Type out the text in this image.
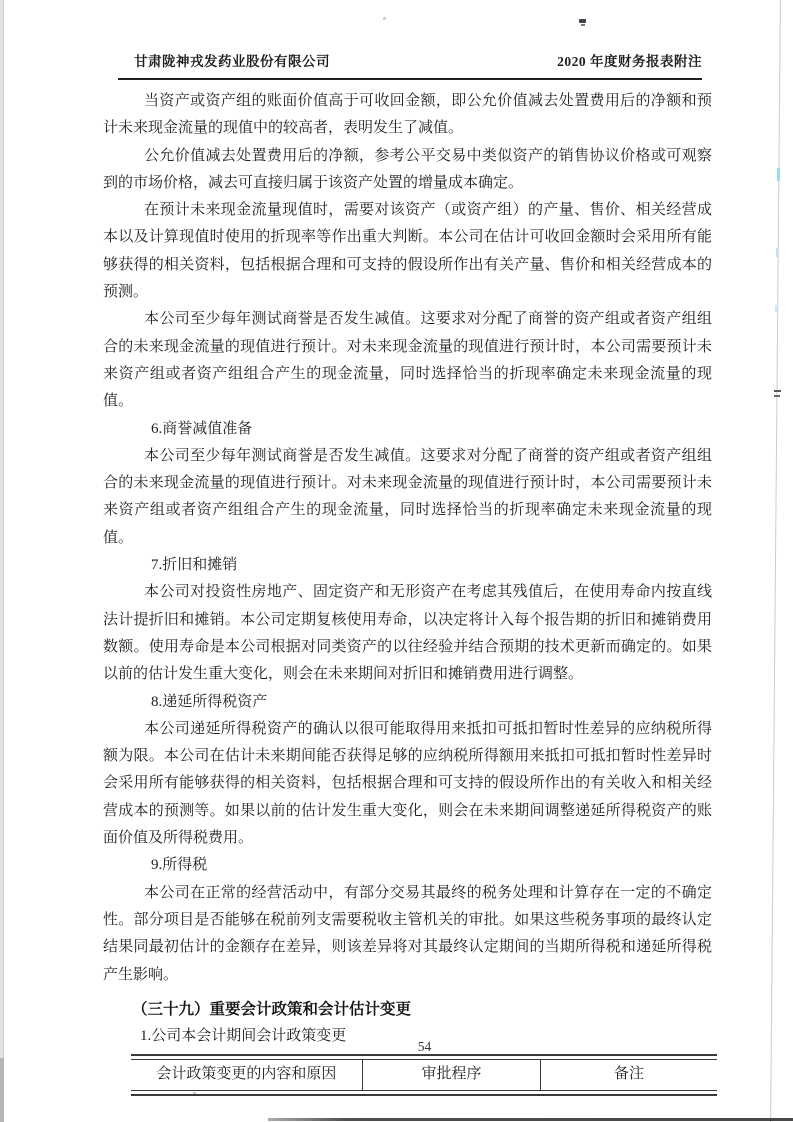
甘肃陇神戎发药业股份有限公司	2020 年度财务报表附注

当资产或资产组的账面价值高于可收回金额，即公允价值减去处置费用后的净额和预计未来现金流量的现值中的较高者，表明发生了减值。

公允价值减去处置费用后的净额，参考公平交易中类似资产的销售协议价格或可观察到的市场价格，减去可直接归属于该资产处置的增量成本确定。

在预计未来现金流量现值时，需要对该资产（或资产组）的产量、售价、相关经营成本以及计算现值时使用的折现率等作出重大判断。本公司在估计可收回金额时会采用所有能够获得的相关资料，包括根据合理和可支持的假设所作出有关产量、售价和相关经营成本的预测。

本公司至少每年测试商誉是否发生减值。这要求对分配了商誉的资产组或者资产组组合的未来现金流量的现值进行预计。对未来现金流量的现值进行预计时，本公司需要预计未来资产组或者资产组组合产生的现金流量，同时选择恰当的折现率确定未来现金流量的现值。

6.商誉减值准备

本公司至少每年测试商誉是否发生减值。这要求对分配了商誉的资产组或者资产组组合的未来现金流量的现值进行预计。对未来现金流量的现值进行预计时，本公司需要预计未来资产组或者资产组组合产生的现金流量，同时选择恰当的折现率确定未来现金流量的现值。

7.折旧和摊销

本公司对投资性房地产、固定资产和无形资产在考虑其残值后，在使用寿命内按直线法计提折旧和摊销。本公司定期复核使用寿命，以决定将计入每个报告期的折旧和摊销费用数额。使用寿命是本公司根据对同类资产的以往经验并结合预期的技术更新而确定的。如果以前的估计发生重大变化，则会在未来期间对折旧和摊销费用进行调整。

8.递延所得税资产

本公司递延所得税资产的确认以很可能取得用来抵扣可抵扣暂时性差异的应纳税所得额为限。本公司在估计未来期间能否获得足够的应纳税所得额用来抵扣可抵扣暂时性差异时会采用所有能够获得的相关资料，包括根据合理和可支持的假设所作出的有关收入和相关经营成本的预测等。如果以前的估计发生重大变化，则会在未来期间调整递延所得税资产的账面价值及所得税费用。

9.所得税

本公司在正常的经营活动中，有部分交易其最终的税务处理和计算存在一定的不确定性。部分项目是否能够在税前列支需要税收主管机关的审批。如果这些税务事项的最终认定结果同最初估计的金额存在差异，则该差异将对其最终认定期间的当期所得税和递延所得税产生影响。

（三十九）重要会计政策和会计估计变更

1.公司本会计期间会计政策变更

会计政策变更的内容和原因	审批程序	备注
54
